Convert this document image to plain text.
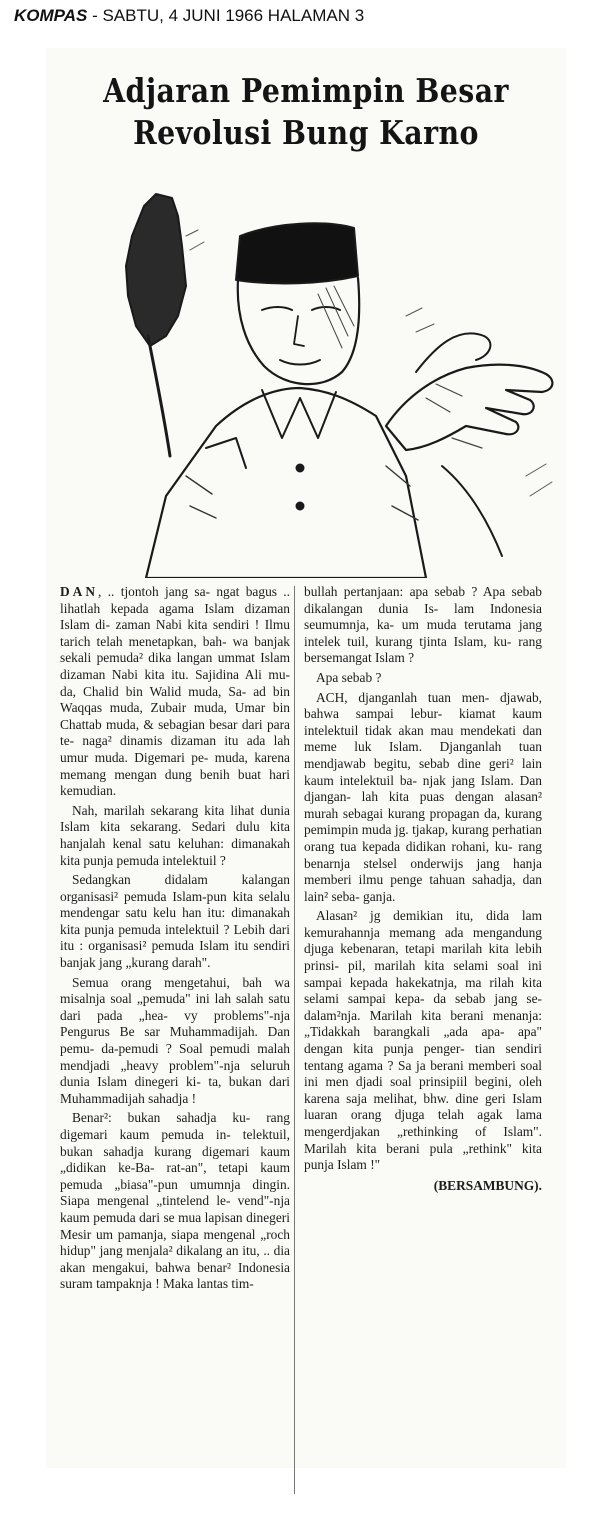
KOMPAS - SABTU, 4 JUNI 1966 HALAMAN 3
Adjaran Pemimpin Besar
Revolusi Bung Karno

DAN, .. tjontoh jang sa- ngat bagus .. lihatlah kepada agama Islam dizaman Islam di- zaman Nabi kita sendiri ! Ilmu tarich telah menetapkan, bah- wa banjak sekali pemuda² dika langan ummat Islam dizaman Nabi kita itu. Sajidina Ali mu- da, Chalid bin Walid muda, Sa- ad bin Waqqas muda, Zubair muda, Umar bin Chattab muda, & sebagian besar dari para te- naga² dinamis dizaman itu ada lah umur muda. Digemari pe- muda, karena memang mengan dung benih buat hari kemudian.

Nah, marilah sekarang kita lihat dunia Islam kita sekarang. Sedari dulu kita hanjalah kenal satu keluhan: dimanakah kita punja pemuda intelektuil ?

Sedangkan didalam kalangan organisasi² pemuda Islam-pun kita selalu mendengar satu kelu han itu: dimanakah kita punja pemuda intelektuil ? Lebih dari itu : organisasi² pemuda Islam itu sendiri banjak jang „kurang darah".

Semua orang mengetahui, bah wa misalnja soal „pemuda" ini lah salah satu dari pada „hea- vy problems"-nja Pengurus Be sar Muhammadijah. Dan pemu- da-pemudi ? Soal pemudi malah mendjadi „heavy problem"-nja seluruh dunia Islam dinegeri ki- ta, bukan dari Muhammadijah sahadja !

Benar²: bukan sahadja ku- rang digemari kaum pemuda in- telektuil, bukan sahadja kurang digemari kaum „didikan ke-Ba- rat-an", tetapi kaum pemuda „biasa"-pun umumnja dingin. Siapa mengenal „tintelend le- vend"-nja kaum pemuda dari se mua lapisan dinegeri Mesir um pamanja, siapa mengenal „roch hidup" jang menjala² dikalang an itu, .. dia akan mengakui, bahwa benar² Indonesia suram tampaknja ! Maka lantas tim-

bullah pertanjaan: apa sebab ? Apa sebab dikalangan dunia Is- lam Indonesia seumumnja, ka- um muda terutama jang intelek tuil, kurang tjinta Islam, ku- rang bersemangat Islam ?

Apa sebab ?

ACH, djanganlah tuan men- djawab, bahwa sampai lebur- kiamat kaum intelektuil tidak akan mau mendekati dan meme luk Islam. Djanganlah tuan mendjawab begitu, sebab dine geri² lain kaum intelektuil ba- njak jang Islam. Dan djangan- lah kita puas dengan alasan² murah sebagai kurang propagan da, kurang pemimpin muda jg. tjakap, kurang perhatian orang tua kepada didikan rohani, ku- rang benarnja stelsel onderwijs jang hanja memberi ilmu penge tahuan sahadja, dan lain² seba- ganja.

Alasan² jg demikian itu, dida lam kemurahannja memang ada mengandung djuga kebenaran, tetapi marilah kita lebih prinsi- pil, marilah kita selami soal ini sampai kepada hakekatnja, ma rilah kita selami sampai kepa- da sebab jang se-dalam²nja. Marilah kita berani menanja: „Tidakkah barangkali „ada apa- apa" dengan kita punja penger- tian sendiri tentang agama ? Sa ja berani memberi soal ini men djadi soal prinsipiil begini, oleh karena saja melihat, bhw. dine geri Islam luaran orang djuga telah agak lama mengerdjakan „rethinking of Islam". Marilah kita berani pula „rethink" kita punja Islam !"

(BERSAMBUNG).
